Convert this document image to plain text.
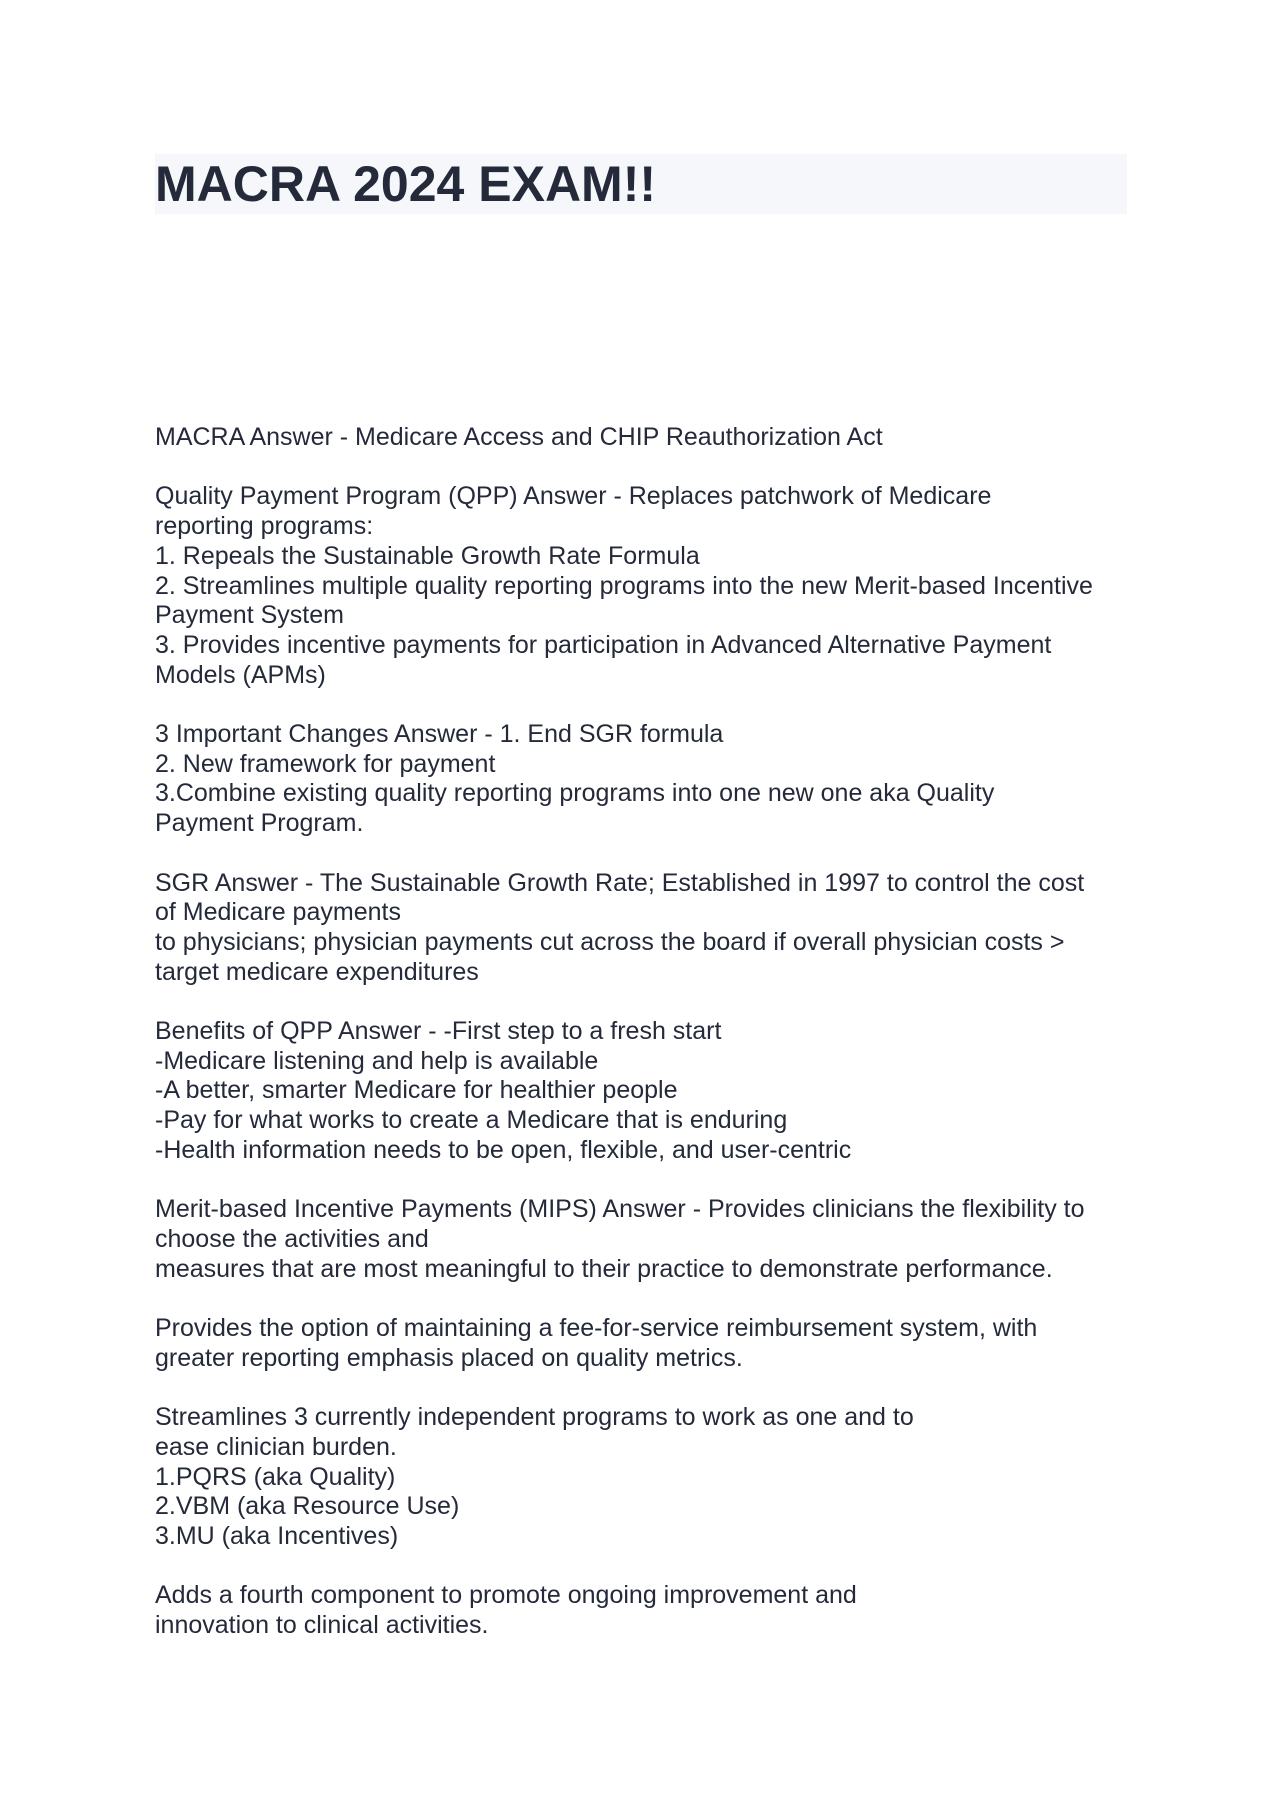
MACRA 2024 EXAM!!

MACRA Answer - Medicare Access and CHIP Reauthorization Act

Quality Payment Program (QPP) Answer - Replaces patchwork of Medicare
reporting programs:
1. Repeals the Sustainable Growth Rate Formula
2. Streamlines multiple quality reporting programs into the new Merit-based Incentive
Payment System
3. Provides incentive payments for participation in Advanced Alternative Payment
Models (APMs)

3 Important Changes Answer - 1. End SGR formula
2. New framework for payment
3.Combine existing quality reporting programs into one new one aka Quality
Payment Program.

SGR Answer - The Sustainable Growth Rate; Established in 1997 to control the cost
of Medicare payments
to physicians; physician payments cut across the board if overall physician costs >
target medicare expenditures

Benefits of QPP Answer - -First step to a fresh start
-Medicare listening and help is available
-A better, smarter Medicare for healthier people
-Pay for what works to create a Medicare that is enduring
-Health information needs to be open, flexible, and user-centric

Merit-based Incentive Payments (MIPS) Answer - Provides clinicians the flexibility to
choose the activities and
measures that are most meaningful to their practice to demonstrate performance.

Provides the option of maintaining a fee-for-service reimbursement system, with
greater reporting emphasis placed on quality metrics.

Streamlines 3 currently independent programs to work as one and to
ease clinician burden.
1.PQRS (aka Quality)
2.VBM (aka Resource Use)
3.MU (aka Incentives)

Adds a fourth component to promote ongoing improvement and
innovation to clinical activities.
